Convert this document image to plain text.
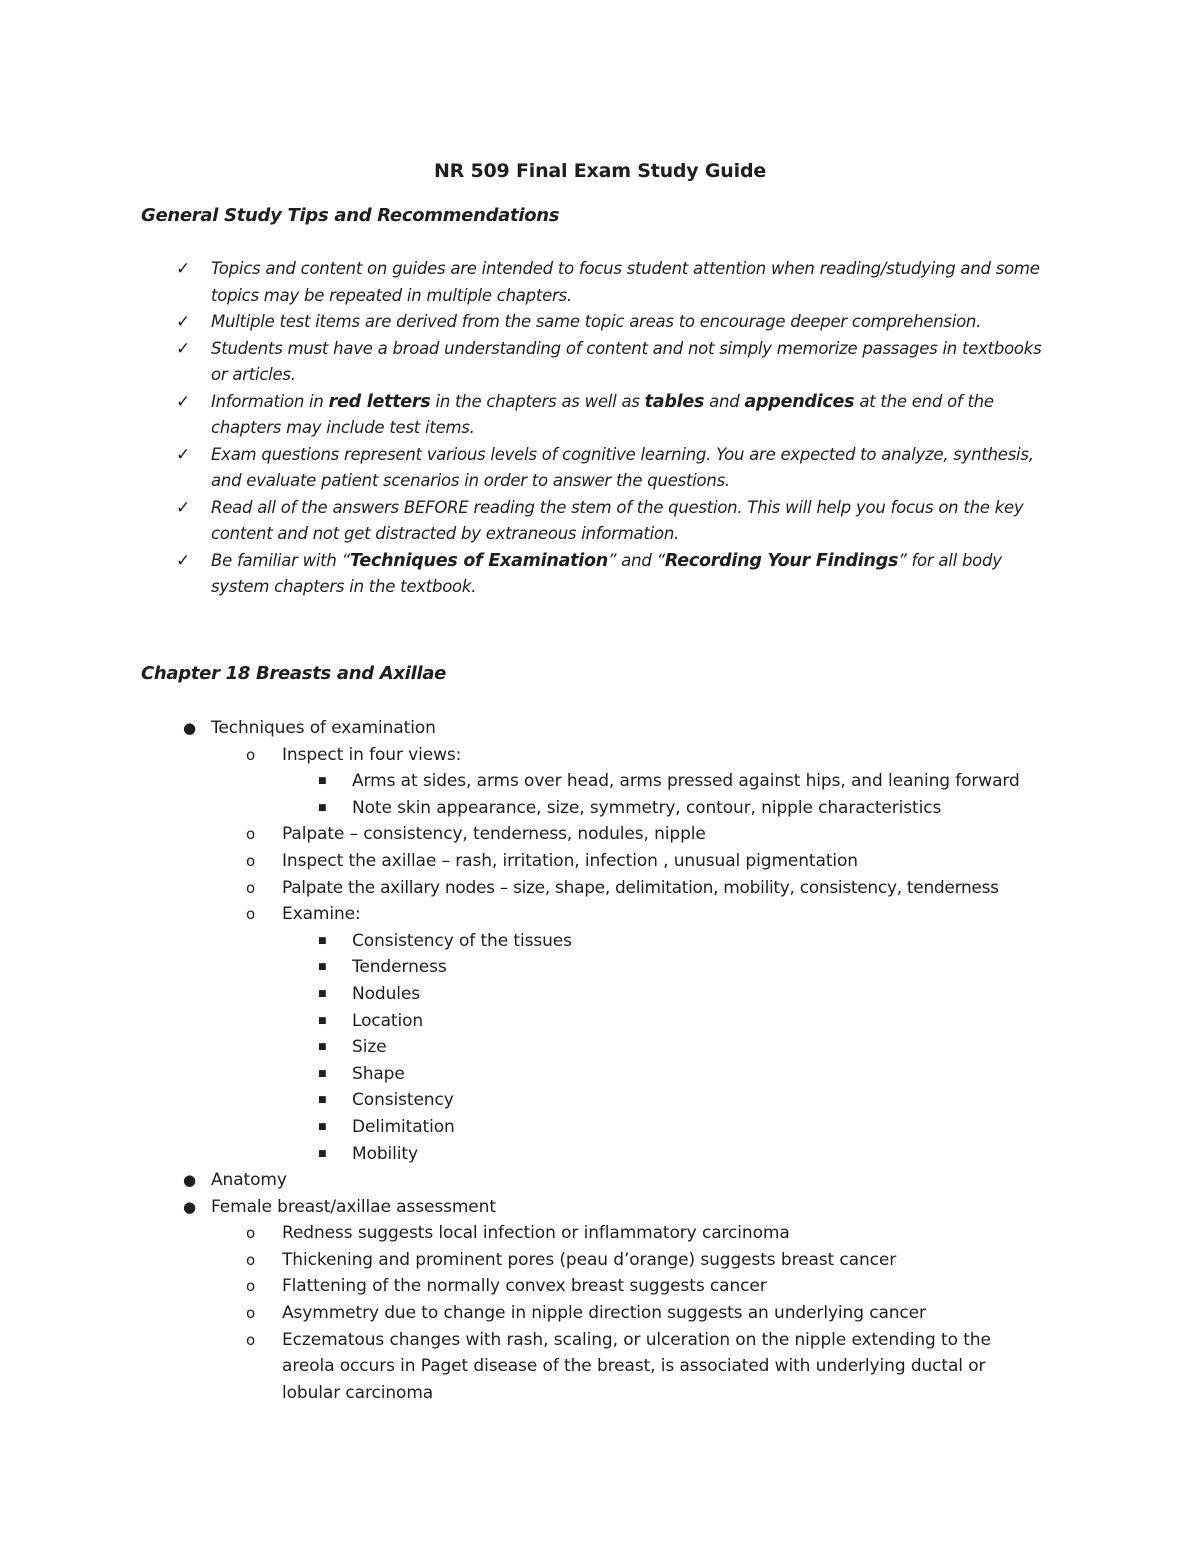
NR 509 Final Exam Study Guide
General Study Tips and Recommendations
✓ Topics and content on guides are intended to focus student attention when reading/studying and some topics may be repeated in multiple chapters.
✓ Multiple test items are derived from the same topic areas to encourage deeper comprehension.
✓ Students must have a broad understanding of content and not simply memorize passages in textbooks or articles.
✓ Information in red letters in the chapters as well as tables and appendices at the end of the chapters may include test items.
✓ Exam questions represent various levels of cognitive learning. You are expected to analyze, synthesis, and evaluate patient scenarios in order to answer the questions.
✓ Read all of the answers BEFORE reading the stem of the question. This will help you focus on the key content and not get distracted by extraneous information.
✓ Be familiar with “Techniques of Examination” and “Recording Your Findings” for all body system chapters in the textbook.
Chapter 18 Breasts and Axillae
● Techniques of examination
o Inspect in four views:
■ Arms at sides, arms over head, arms pressed against hips, and leaning forward
■ Note skin appearance, size, symmetry, contour, nipple characteristics
o Palpate – consistency, tenderness, nodules, nipple
o Inspect the axillae – rash, irritation, infection , unusual pigmentation
o Palpate the axillary nodes – size, shape, delimitation, mobility, consistency, tenderness
o Examine:
■ Consistency of the tissues
■ Tenderness
■ Nodules
■ Location
■ Size
■ Shape
■ Consistency
■ Delimitation
■ Mobility
● Anatomy
● Female breast/axillae assessment
o Redness suggests local infection or inflammatory carcinoma
o Thickening and prominent pores (peau d’orange) suggests breast cancer
o Flattening of the normally convex breast suggests cancer
o Asymmetry due to change in nipple direction suggests an underlying cancer
o Eczematous changes with rash, scaling, or ulceration on the nipple extending to the areola occurs in Paget disease of the breast, is associated with underlying ductal or lobular carcinoma
